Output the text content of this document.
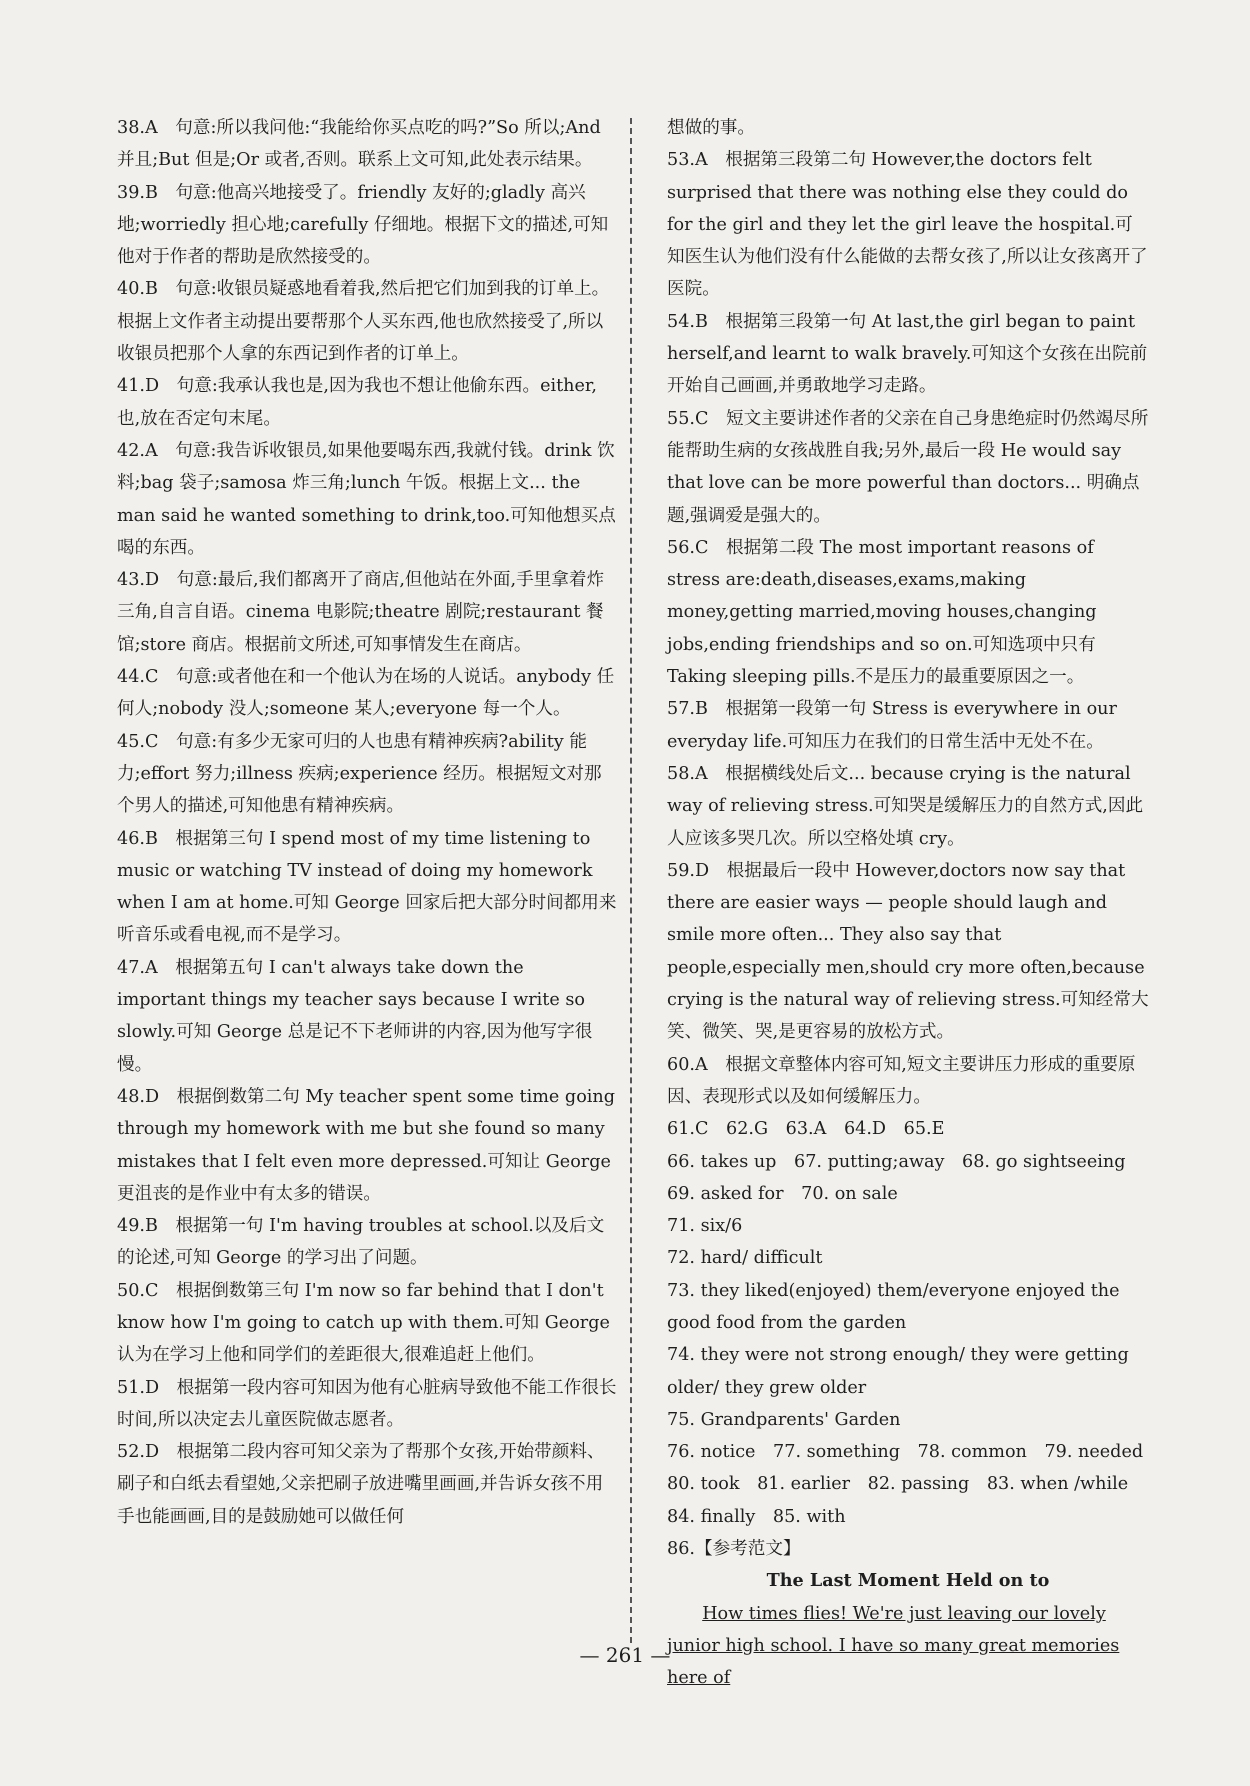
38.A　句意:所以我问他:“我能给你买点吃的吗?”So 所以;And 并且;But 但是;Or 或者,否则。联系上文可知,此处表示结果。

39.B　句意:他高兴地接受了。friendly 友好的;gladly 高兴地;worriedly 担心地;carefully 仔细地。根据下文的描述,可知他对于作者的帮助是欣然接受的。

40.B　句意:收银员疑惑地看着我,然后把它们加到我的订单上。根据上文作者主动提出要帮那个人买东西,他也欣然接受了,所以收银员把那个人拿的东西记到作者的订单上。

41.D　句意:我承认我也是,因为我也不想让他偷东西。either,也,放在否定句末尾。

42.A　句意:我告诉收银员,如果他要喝东西,我就付钱。drink 饮料;bag 袋子;samosa 炸三角;lunch 午饭。根据上文... the man said he wanted something to drink,too.可知他想买点喝的东西。

43.D　句意:最后,我们都离开了商店,但他站在外面,手里拿着炸三角,自言自语。cinema 电影院;theatre 剧院;restaurant 餐馆;store 商店。根据前文所述,可知事情发生在商店。

44.C　句意:或者他在和一个他认为在场的人说话。anybody 任何人;nobody 没人;someone 某人;everyone 每一个人。

45.C　句意:有多少无家可归的人也患有精神疾病?ability 能力;effort 努力;illness 疾病;experience 经历。根据短文对那个男人的描述,可知他患有精神疾病。

46.B　根据第三句 I spend most of my time listening to music or watching TV instead of doing my homework when I am at home.可知 George 回家后把大部分时间都用来听音乐或看电视,而不是学习。

47.A　根据第五句 I can't always take down the important things my teacher says because I write so slowly.可知 George 总是记不下老师讲的内容,因为他写字很慢。

48.D　根据倒数第二句 My teacher spent some time going through my homework with me but she found so many mistakes that I felt even more depressed.可知让 George 更沮丧的是作业中有太多的错误。

49.B　根据第一句 I'm having troubles at school.以及后文的论述,可知 George 的学习出了问题。

50.C　根据倒数第三句 I'm now so far behind that I don't know how I'm going to catch up with them.可知 George 认为在学习上他和同学们的差距很大,很难追赶上他们。

51.D　根据第一段内容可知因为他有心脏病导致他不能工作很长时间,所以决定去儿童医院做志愿者。

52.D　根据第二段内容可知父亲为了帮那个女孩,开始带颜料、刷子和白纸去看望她,父亲把刷子放进嘴里画画,并告诉女孩不用手也能画画,目的是鼓励她可以做任何

想做的事。

53.A　根据第三段第二句 However,the doctors felt surprised that there was nothing else they could do for the girl and they let the girl leave the hospital.可知医生认为他们没有什么能做的去帮女孩了,所以让女孩离开了医院。

54.B　根据第三段第一句 At last,the girl began to paint herself,and learnt to walk bravely.可知这个女孩在出院前开始自己画画,并勇敢地学习走路。

55.C　短文主要讲述作者的父亲在自己身患绝症时仍然竭尽所能帮助生病的女孩战胜自我;另外,最后一段 He would say that love can be more powerful than doctors... 明确点题,强调爱是强大的。

56.C　根据第二段 The most important reasons of stress are:death,diseases,exams,making money,getting married,moving houses,changing jobs,ending friendships and so on.可知选项中只有 Taking sleeping pills.不是压力的最重要原因之一。

57.B　根据第一段第一句 Stress is everywhere in our everyday life.可知压力在我们的日常生活中无处不在。

58.A　根据横线处后文... because crying is the natural way of relieving stress.可知哭是缓解压力的自然方式,因此人应该多哭几次。所以空格处填 cry。

59.D　根据最后一段中 However,doctors now say that there are easier ways — people should laugh and smile more often... They also say that people,especially men,should cry more often,because crying is the natural way of relieving stress.可知经常大笑、微笑、哭,是更容易的放松方式。

60.A　根据文章整体内容可知,短文主要讲压力形成的重要原因、表现形式以及如何缓解压力。

61.C　62.G　63.A　64.D　65.E

66. takes up　67. putting;away　68. go sightseeing

69. asked for　70. on sale

71. six/6

72. hard/ difficult

73. they liked(enjoyed) them/everyone enjoyed the good food from the garden

74. they were not strong enough/ they were getting older/ they grew older

75. Grandparents' Garden

76. notice　77. something　78. common　79. needed

80. took　81. earlier　82. passing　83. when /while

84. finally　85. with

86.【参考范文】

The Last Moment Held on to

How times flies! We're just leaving our lovely junior high school. I have so many great memories here of

— 261 —
